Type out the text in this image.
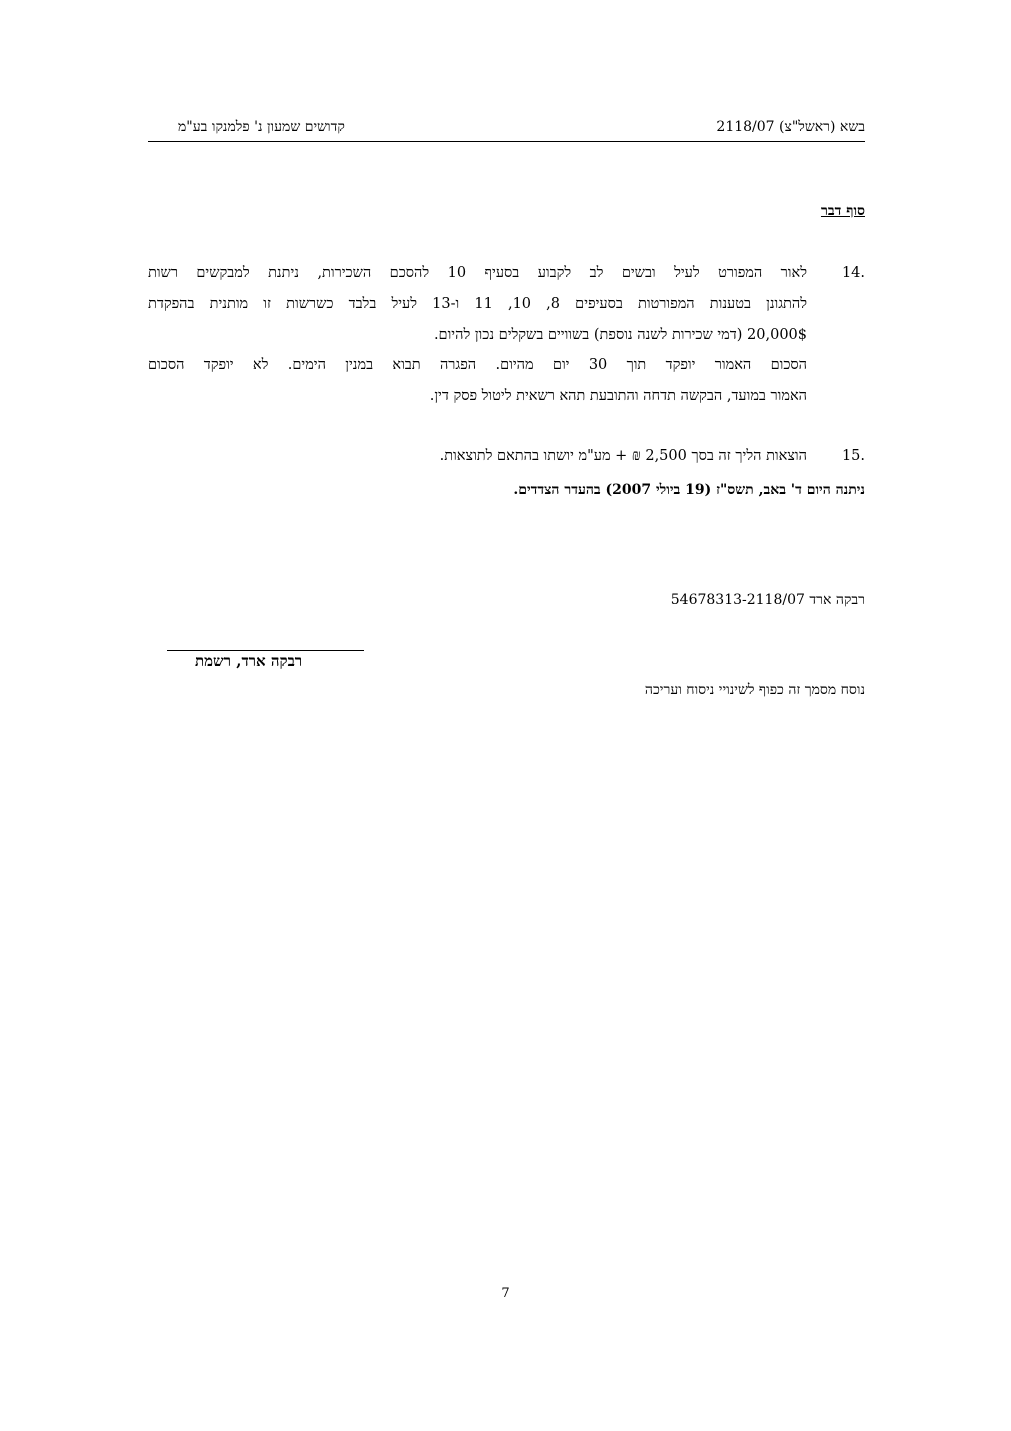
בשא (ראשל"צ) 2118/07
קדושים שמעון נ' פלמנקו בע"מ
סוף דבר
.14
לאור המפורט לעיל ובשים לב לקבוע בסעיף 10 להסכם השכירות, ניתנת למבקשים רשות
להתגונן בטענות המפורטות בסעיפים 8, 10, 11 ו-13 לעיל בלבד כשרשות זו מותנית בהפקדת
20,000$ (דמי שכירות לשנה נוספת) בשוויים בשקלים נכון להיום.
הסכום האמור יופקד תוך 30 יום מהיום. הפגרה תבוא במנין הימים. לא יופקד הסכום
האמור במועד, הבקשה תדחה והתובעת תהא רשאית ליטול פסק דין.
.15
הוצאות הליך זה בסך 2,500 ₪ + מע"מ יושתו בהתאם לתוצאות.
ניתנה היום ד' באב, תשס"ז (19 ביולי 2007) בהעדר הצדדים.
רבקה ארד 54678313-2118/07
רבקה ארד, רשמת
נוסח מסמך זה כפוף לשינויי ניסוח ועריכה
7
